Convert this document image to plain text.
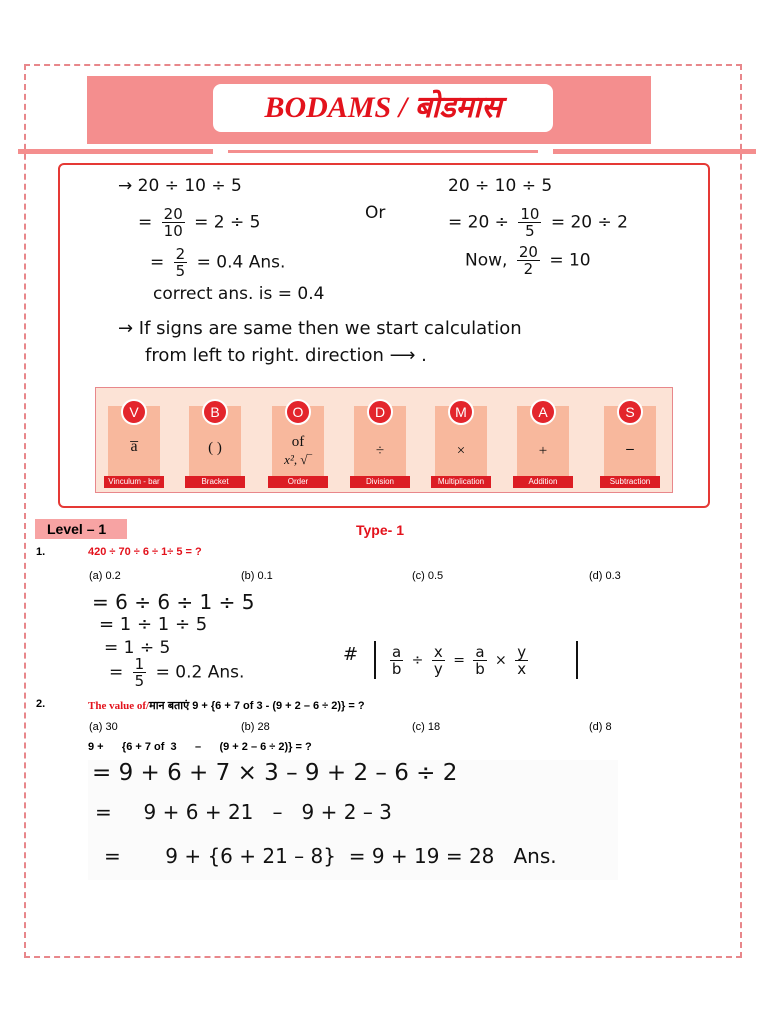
BODAMS / बोडमास
→ 20 ÷ 10 ÷ 5
= $\frac{20}{10} = 2 \div 5$
= $\frac{2}{5} = 0.4$ Ans.
correct ans. is = 0.4
Or
20 ÷ 10 ÷ 5
= $20 \div \frac{10}{5} = 20 \div 2$
Now, $\frac{20}{2} = 10$
→ If signs are same then we start calculation
from left to right. direction ⟶ .
V
a̅
Vinculum - bar
B
( )
Bracket
O
of
x², √‾
Order
D
÷
Division
M
×
Multiplication
A
+
Addition
S
–
Subtraction
Level – 1	Type- 1
1.	420 ÷ 70 ÷ 6 ÷ 1÷ 5 = ?
(a) 0.2	(b) 0.1	(c) 0.5	(d) 0.3
= 6 ÷ 6 ÷ 1 ÷ 5
= 1 ÷ 1 ÷ 5
= 1 ÷ 5
= $\frac{1}{5} = 0.2$ Ans.
# $\frac{a}{b} \div \frac{x}{y} = \frac{a}{b} \times \frac{y}{x}$
2.	The value of/मान बताएं 9 + {6 + 7 of 3 - (9 + 2 – 6 ÷ 2)} = ?
(a) 30	(b) 28	(c) 18	(d) 8
9 +      {6 + 7 of  3      –      (9 + 2 – 6 ÷ 2)} = ?
= 9 + 6 + 7 × 3 – 9 + 2 – 6 ÷ 2
=     9 + 6 + 21   –   9 + 2 – 3
=       9 + {6 + 21 – 8}  = 9 + 19 = 28   Ans.
